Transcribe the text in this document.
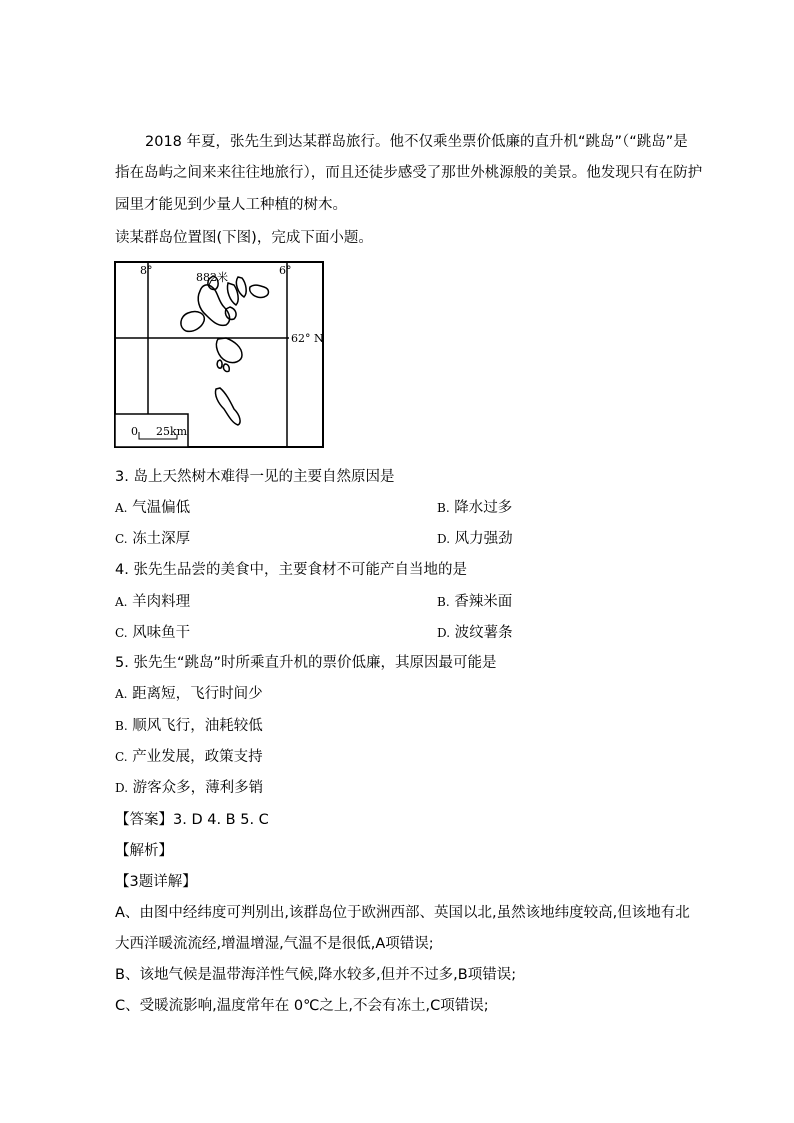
2018 年夏，张先生到达某群岛旅行。他不仅乘坐票价低廉的直升机“跳岛”（“跳岛”是
指在岛屿之间来来往往地旅行），而且还徒步感受了那世外桃源般的美景。他发现只有在防护
园里才能见到少量人工种植的树木。
读某群岛位置图(下图)，完成下面小题。
8°	6°
882米
62° N
0 25km
3. 岛上天然树木难得一见的主要自然原因是
A. 气温偏低	B. 降水过多
C. 冻土深厚	D. 风力强劲
4. 张先生品尝的美食中，主要食材不可能产自当地的是
A. 羊肉料理	B. 香辣米面
C. 风味鱼干	D. 波纹薯条
5. 张先生“跳岛”时所乘直升机的票价低廉，其原因最可能是
A. 距离短，飞行时间少
B. 顺风飞行，油耗较低
C. 产业发展，政策支持
D. 游客众多，薄利多销
【答案】3. D 4. B 5. C
【解析】
【3题详解】
A、由图中经纬度可判别出,该群岛位于欧洲西部、英国以北,虽然该地纬度较高,但该地有北
大西洋暖流流经,增温增湿,气温不是很低,A项错误;
B、该地气候是温带海洋性气候,降水较多,但并不过多,B项错误;
C、受暖流影响,温度常年在 0℃之上,不会有冻土,C项错误;
